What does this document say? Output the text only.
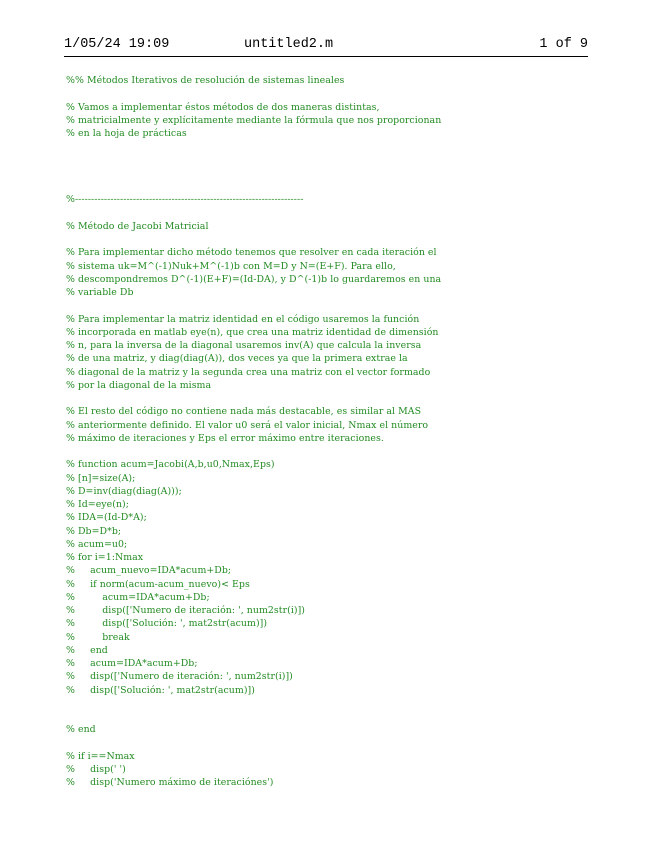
1/05/24 19:09	untitled2.m	1 of 9
%% Métodos Iterativos de resolución de sistemas lineales

% Vamos a implementar éstos métodos de dos maneras distintas,
% matricialmente y explícitamente mediante la fórmula que nos proporcionan
% en la hoja de prácticas

%-----------------------------------------------------------------------

% Método de Jacobi Matricial

% Para implementar dicho método tenemos que resolver en cada iteración el
% sistema uk=M^(-1)Nuk+M^(-1)b con M=D y N=(E+F). Para ello,
% descompondremos D^(-1)(E+F)=(Id-DA), y D^(-1)b lo guardaremos en una
% variable Db

% Para implementar la matriz identidad en el código usaremos la función
% incorporada en matlab eye(n), que crea una matriz identidad de dimensión
% n, para la inversa de la diagonal usaremos inv(A) que calcula la inversa
% de una matriz, y diag(diag(A)), dos veces ya que la primera extrae la
% diagonal de la matriz y la segunda crea una matriz con el vector formado
% por la diagonal de la misma

% El resto del código no contiene nada más destacable, es similar al MAS
% anteriormente definido. El valor u0 será el valor inicial, Nmax el número
% máximo de iteraciones y Eps el error máximo entre iteraciones.

% function acum=Jacobi(A,b,u0,Nmax,Eps)
% [n]=size(A);
% D=inv(diag(diag(A)));
% Id=eye(n);
% IDA=(Id-D*A);
% Db=D*b;
% acum=u0;
% for i=1:Nmax
%     acum_nuevo=IDA*acum+Db;
%     if norm(acum-acum_nuevo)< Eps
%         acum=IDA*acum+Db;
%         disp(['Numero de iteración: ', num2str(i)])
%         disp(['Solución: ', mat2str(acum)])
%         break
%     end
%     acum=IDA*acum+Db;
%     disp(['Numero de iteración: ', num2str(i)])
%     disp(['Solución: ', mat2str(acum)])

% end

% if i==Nmax
%     disp(' ')
%     disp('Numero máximo de iteraciónes')
